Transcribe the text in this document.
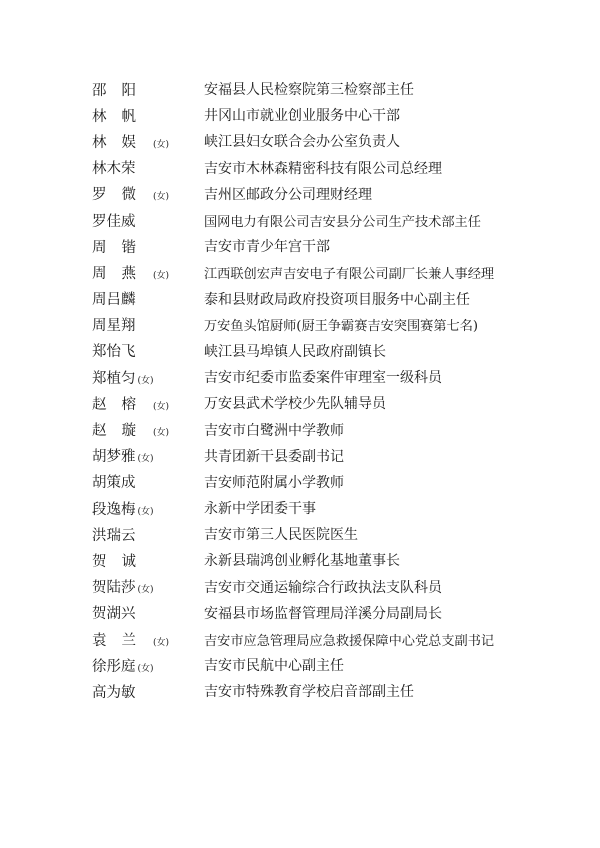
邵阳	安福县人民检察院第三检察部主任
林帆	井冈山市就业创业服务中心干部
林娱 (女) 峡江县妇女联合会办公室负责人
林木荣	吉安市木林森精密科技有限公司总经理
罗微 (女) 吉州区邮政分公司理财经理
罗佳威	国网电力有限公司吉安县分公司生产技术部主任
周锴	吉安市青少年宫干部
周燕 (女)	江西联创宏声吉安电子有限公司副厂长兼人事经理
周吕麟	泰和县财政局政府投资项目服务中心副主任
周星翔	万安鱼头馆厨师(厨王争霸赛吉安突围赛第七名)
郑怡飞	峡江县马埠镇人民政府副镇长
郑植匀 (女)	吉安市纪委市监委案件审理室一级科员
赵榕 (女) 万安县武术学校少先队辅导员
赵璇 (女) 吉安市白鹭洲中学教师
胡梦雅 (女)	共青团新干县委副书记
胡策成	吉安师范附属小学教师
段逸梅 (女)	永新中学团委干事
洪瑞云	吉安市第三人民医院医生
贺诚	永新县瑞鸿创业孵化基地董事长
贺陆莎 (女)	吉安市交通运输综合行政执法支队科员
贺湖兴	安福县市场监督管理局洋溪分局副局长
袁兰 (女)	吉安市应急管理局应急救援保障中心党总支副书记
徐彤庭 (女)	吉安市民航中心副主任
高为敏	吉安市特殊教育学校启音部副主任
